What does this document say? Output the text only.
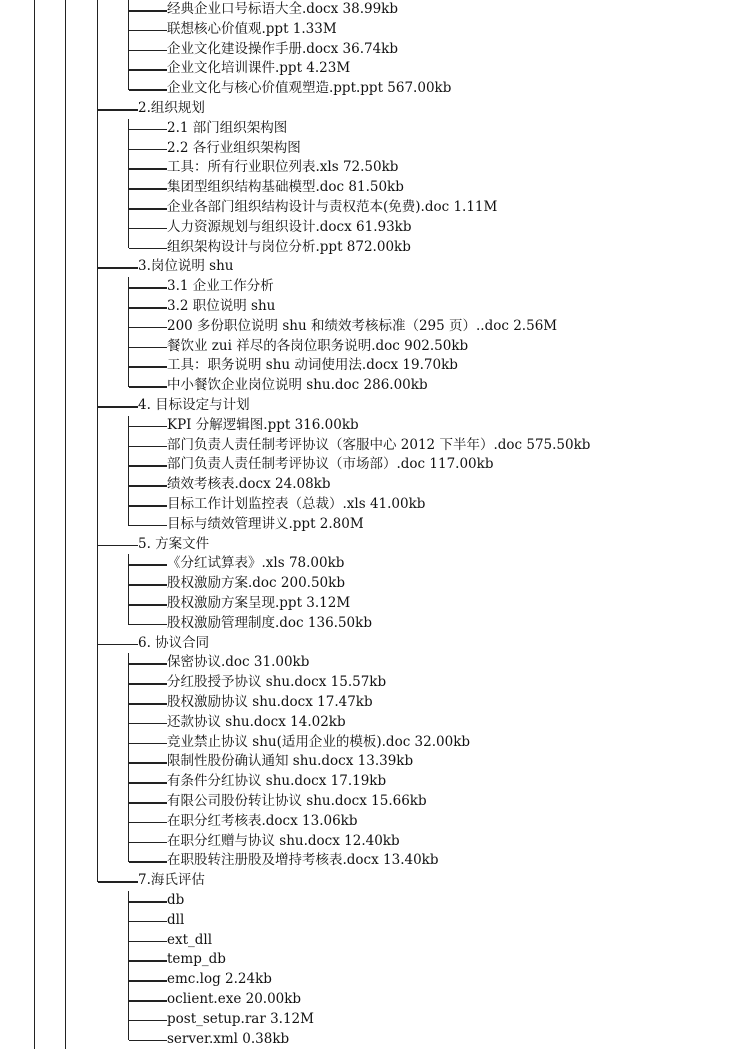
经典企业口号标语大全.docx 38.99kb
联想核心价值观.ppt 1.33M
企业文化建设操作手册.docx 36.74kb
企业文化培训课件.ppt 4.23M
企业文化与核心价值观塑造.ppt.ppt 567.00kb
2.组织规划
2.1 部门组织架构图
2.2 各行业组织架构图
工具：所有行业职位列表.xls 72.50kb
集团型组织结构基础模型.doc 81.50kb
企业各部门组织结构设计与责权范本(免费).doc 1.11M
人力资源规划与组织设计.docx 61.93kb
组织架构设计与岗位分析.ppt 872.00kb
3.岗位说明 shu
3.1 企业工作分析
3.2 职位说明 shu
200 多份职位说明 shu 和绩效考核标准（295 页）..doc 2.56M
餐饮业 zui 祥尽的各岗位职务说明.doc 902.50kb
工具：职务说明 shu 动词使用法.docx 19.70kb
中小餐饮企业岗位说明 shu.doc 286.00kb
4. 目标设定与计划
KPI 分解逻辑图.ppt 316.00kb
部门负责人责任制考评协议（客服中心 2012 下半年）.doc 575.50kb
部门负责人责任制考评协议（市场部）.doc 117.00kb
绩效考核表.docx 24.08kb
目标工作计划监控表（总裁）.xls 41.00kb
目标与绩效管理讲义.ppt 2.80M
5. 方案文件
《分红试算表》.xls 78.00kb
股权激励方案.doc 200.50kb
股权激励方案呈现.ppt 3.12M
股权激励管理制度.doc 136.50kb
6. 协议合同
保密协议.doc 31.00kb
分红股授予协议 shu.docx 15.57kb
股权激励协议 shu.docx 17.47kb
还款协议 shu.docx 14.02kb
竞业禁止协议 shu(适用企业的模板).doc 32.00kb
限制性股份确认通知 shu.docx 13.39kb
有条件分红协议 shu.docx 17.19kb
有限公司股份转让协议 shu.docx 15.66kb
在职分红考核表.docx 13.06kb
在职分红赠与协议 shu.docx 12.40kb
在职股转注册股及增持考核表.docx 13.40kb
7.海氏评估
db
dll
ext_dll
temp_db
emc.log 2.24kb
oclient.exe 20.00kb
post_setup.rar 3.12M
server.xml 0.38kb
